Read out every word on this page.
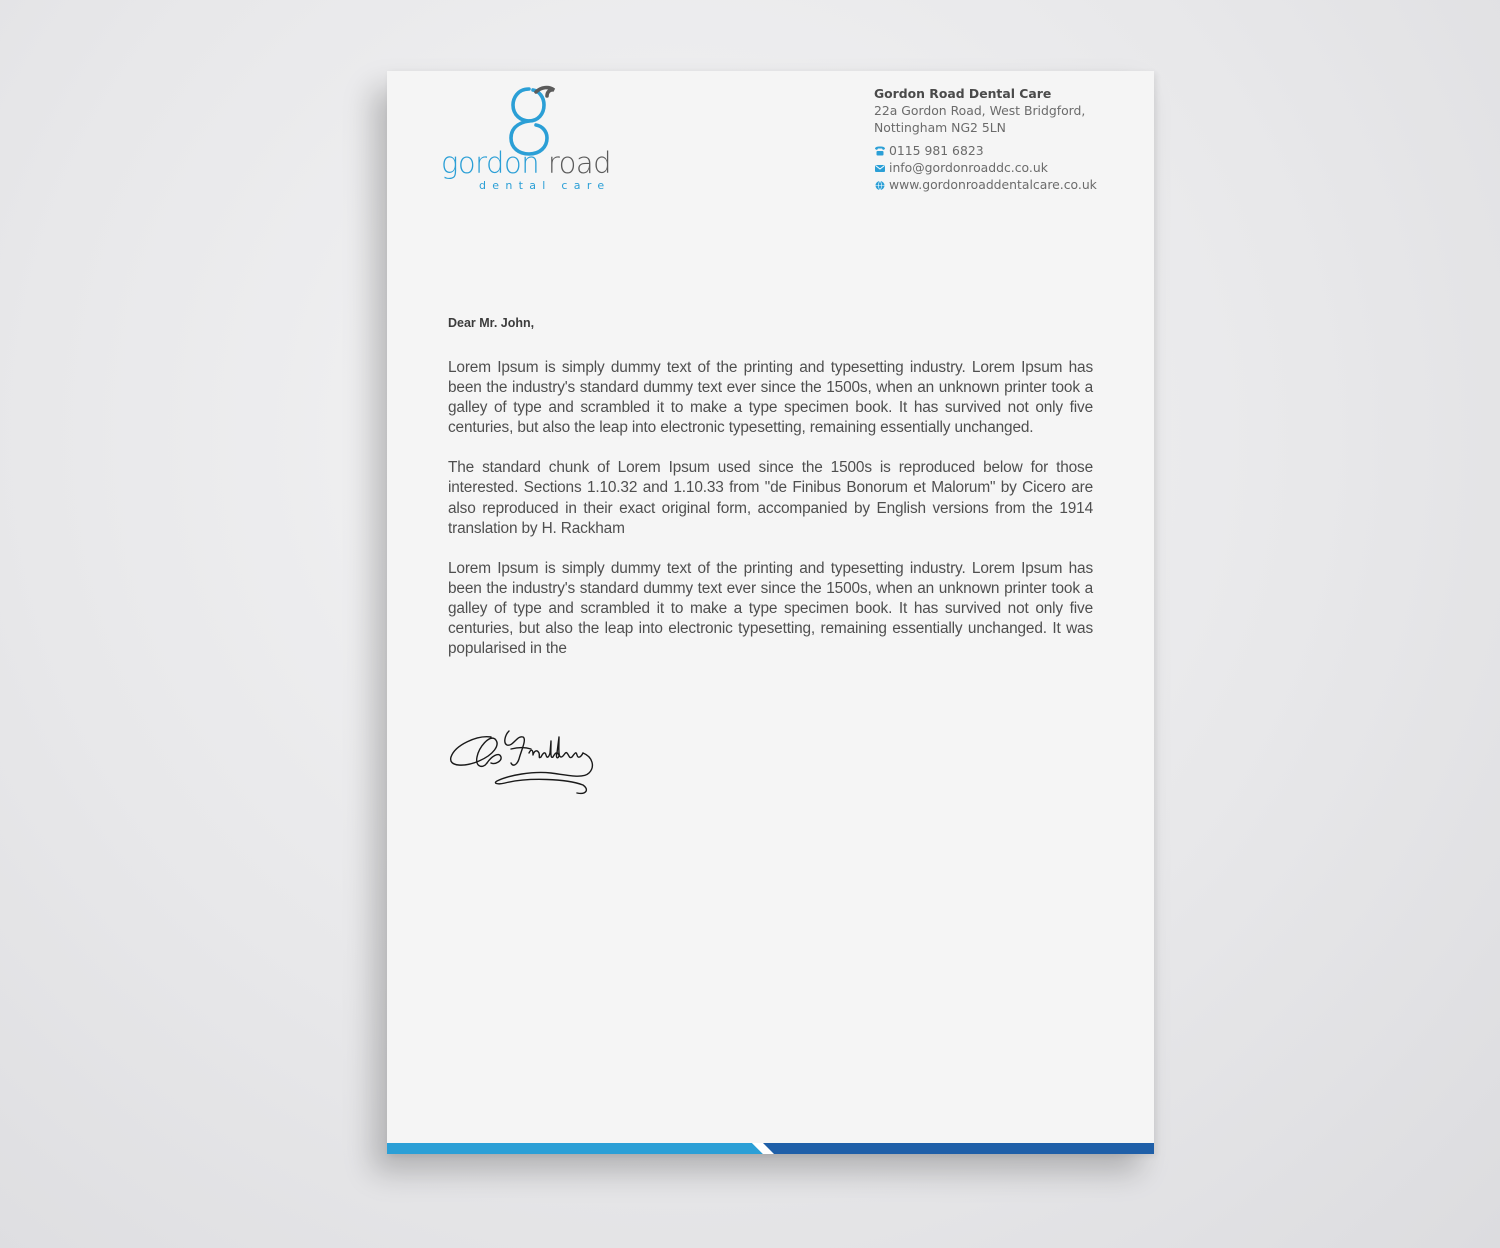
gordon road
dental care
Gordon Road Dental Care
22a Gordon Road, West Bridgford,
Nottingham NG2 5LN
0115 981 6823
info@gordonroaddc.co.uk
www.gordonroaddentalcare.co.uk

Dear Mr. John,

Lorem Ipsum is simply dummy text of the printing and typesetting industry. Lorem Ipsum has been the industry's standard dummy text ever since the 1500s, when an unknown printer took a galley of type and scrambled it to make a type specimen book. It has survived not only five centuries, but also the leap into electronic typesetting, remaining essentially unchanged.

The standard chunk of Lorem Ipsum used since the 1500s is reproduced below for those interested. Sections 1.10.32 and 1.10.33 from "de Finibus Bonorum et Malorum" by Cicero are also reproduced in their exact original form, accompanied by English versions from the 1914 translation by H. Rackham

Lorem Ipsum is simply dummy text of the printing and typesetting industry. Lorem Ipsum has been the industry's standard dummy text ever since the 1500s, when an unknown printer took a galley of type and scrambled it to make a type specimen book. It has survived not only five centuries, but also the leap into electronic typesetting, remaining essentially unchanged. It was popularised in the
